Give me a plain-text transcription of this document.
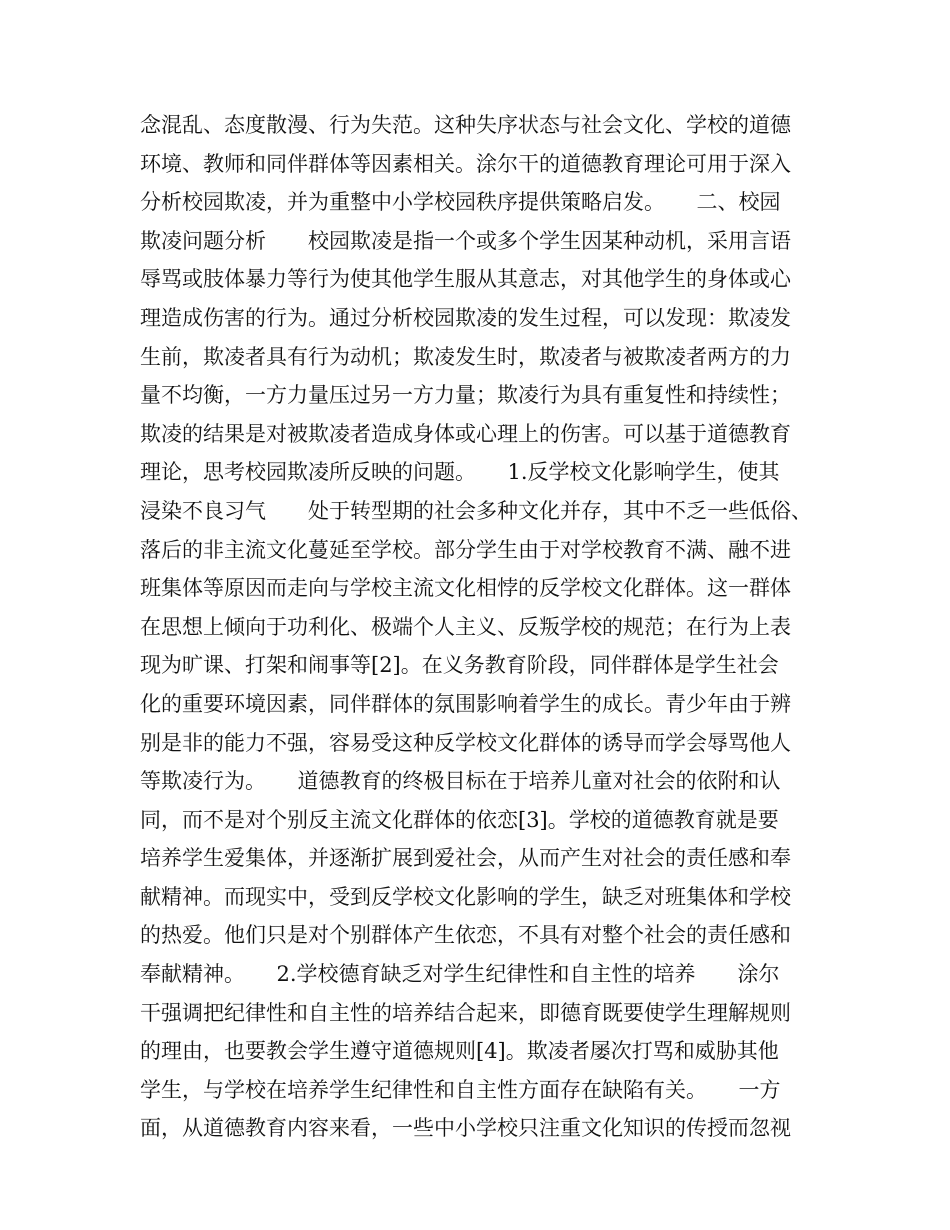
念混乱、态度散漫、行为失范。这种失序状态与社会文化、学校的道德
环境、教师和同伴群体等因素相关。涂尔干的道德教育理论可用于深入
分析校园欺凌，并为重整中小学校园秩序提供策略启发。　　二、校园
欺凌问题分析　　校园欺凌是指一个或多个学生因某种动机，采用言语
辱骂或肢体暴力等行为使其他学生服从其意志，对其他学生的身体或心
理造成伤害的行为。通过分析校园欺凌的发生过程，可以发现：欺凌发
生前，欺凌者具有行为动机；欺凌发生时，欺凌者与被欺凌者两方的力
量不均衡，一方力量压过另一方力量；欺凌行为具有重复性和持续性；
欺凌的结果是对被欺凌者造成身体或心理上的伤害。可以基于道德教育
理论，思考校园欺凌所反映的问题。　　1.反学校文化影响学生，使其
浸染不良习气　　处于转型期的社会多种文化并存，其中不乏一些低俗、
落后的非主流文化蔓延至学校。部分学生由于对学校教育不满、融不进
班集体等原因而走向与学校主流文化相悖的反学校文化群体。这一群体
在思想上倾向于功利化、极端个人主义、反叛学校的规范；在行为上表
现为旷课、打架和闹事等[2]。在义务教育阶段，同伴群体是学生社会
化的重要环境因素，同伴群体的氛围影响着学生的成长。青少年由于辨
别是非的能力不强，容易受这种反学校文化群体的诱导而学会辱骂他人
等欺凌行为。　　道德教育的终极目标在于培养儿童对社会的依附和认
同，而不是对个别反主流文化群体的依恋[3]。学校的道德教育就是要
培养学生爱集体，并逐渐扩展到爱社会，从而产生对社会的责任感和奉
献精神。而现实中，受到反学校文化影响的学生，缺乏对班集体和学校
的热爱。他们只是对个别群体产生依恋，不具有对整个社会的责任感和
奉献精神。　　2.学校德育缺乏对学生纪律性和自主性的培养　　涂尔
干强调把纪律性和自主性的培养结合起来，即德育既要使学生理解规则
的理由，也要教会学生遵守道德规则[4]。欺凌者屡次打骂和威胁其他
学生，与学校在培养学生纪律性和自主性方面存在缺陷有关。　　一方
面，从道德教育内容来看，一些中小学校只注重文化知识的传授而忽视
